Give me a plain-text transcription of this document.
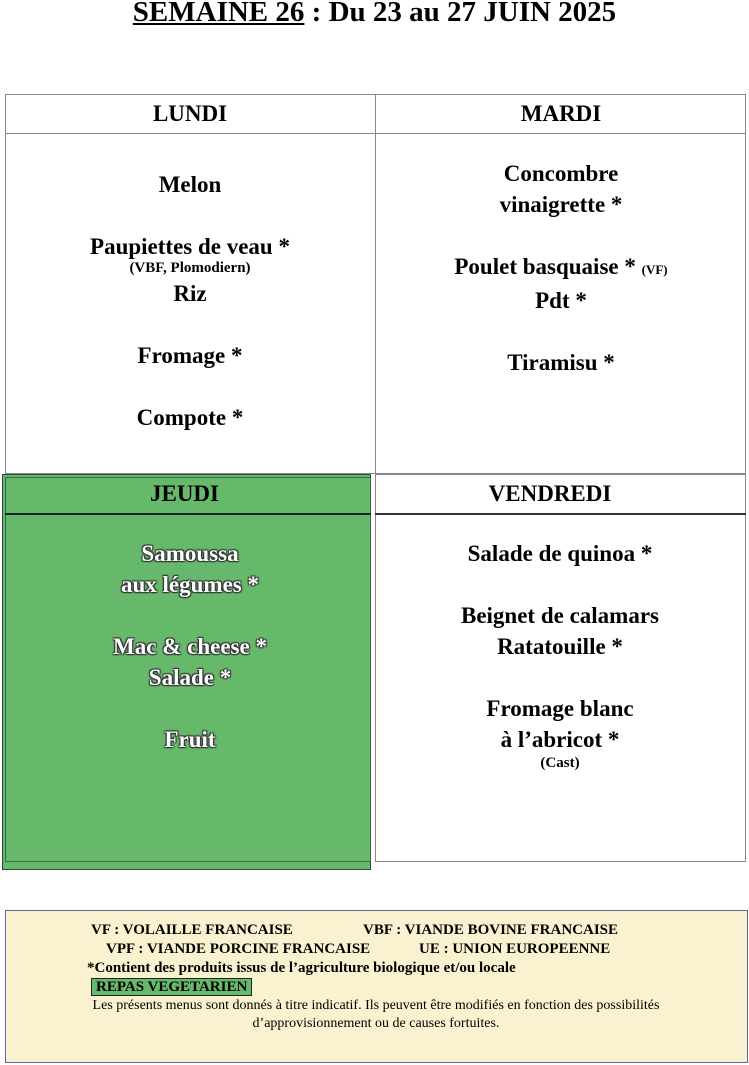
SEMAINE 26 : Du 23 au 27 JUIN 2025
LUNDI
Melon
Paupiettes de veau *
(VBF, Plomodiern)
Riz
Fromage *
Compote *
MARDI
Concombre
vinaigrette *
Poulet basquaise * (VF)
Pdt *
Tiramisu *
JEUDI
Samoussa
aux légumes *
Mac & cheese *
Salade *
Fruit
VENDREDI
Salade de quinoa *
Beignet de calamars
Ratatouille *
Fromage blanc
à l’abricot *
(Cast)
VF : VOLAILLE FRANCAISE	VBF : VIANDE BOVINE FRANCAISE
VPF : VIANDE PORCINE FRANCAISE	UE : UNION EUROPEENNE
*Contient des produits issus de l’agriculture biologique et/ou locale
REPAS VEGETARIEN
Les présents menus sont donnés à titre indicatif. Ils peuvent être modifiés en fonction des possibilités
d’approvisionnement ou de causes fortuites.
